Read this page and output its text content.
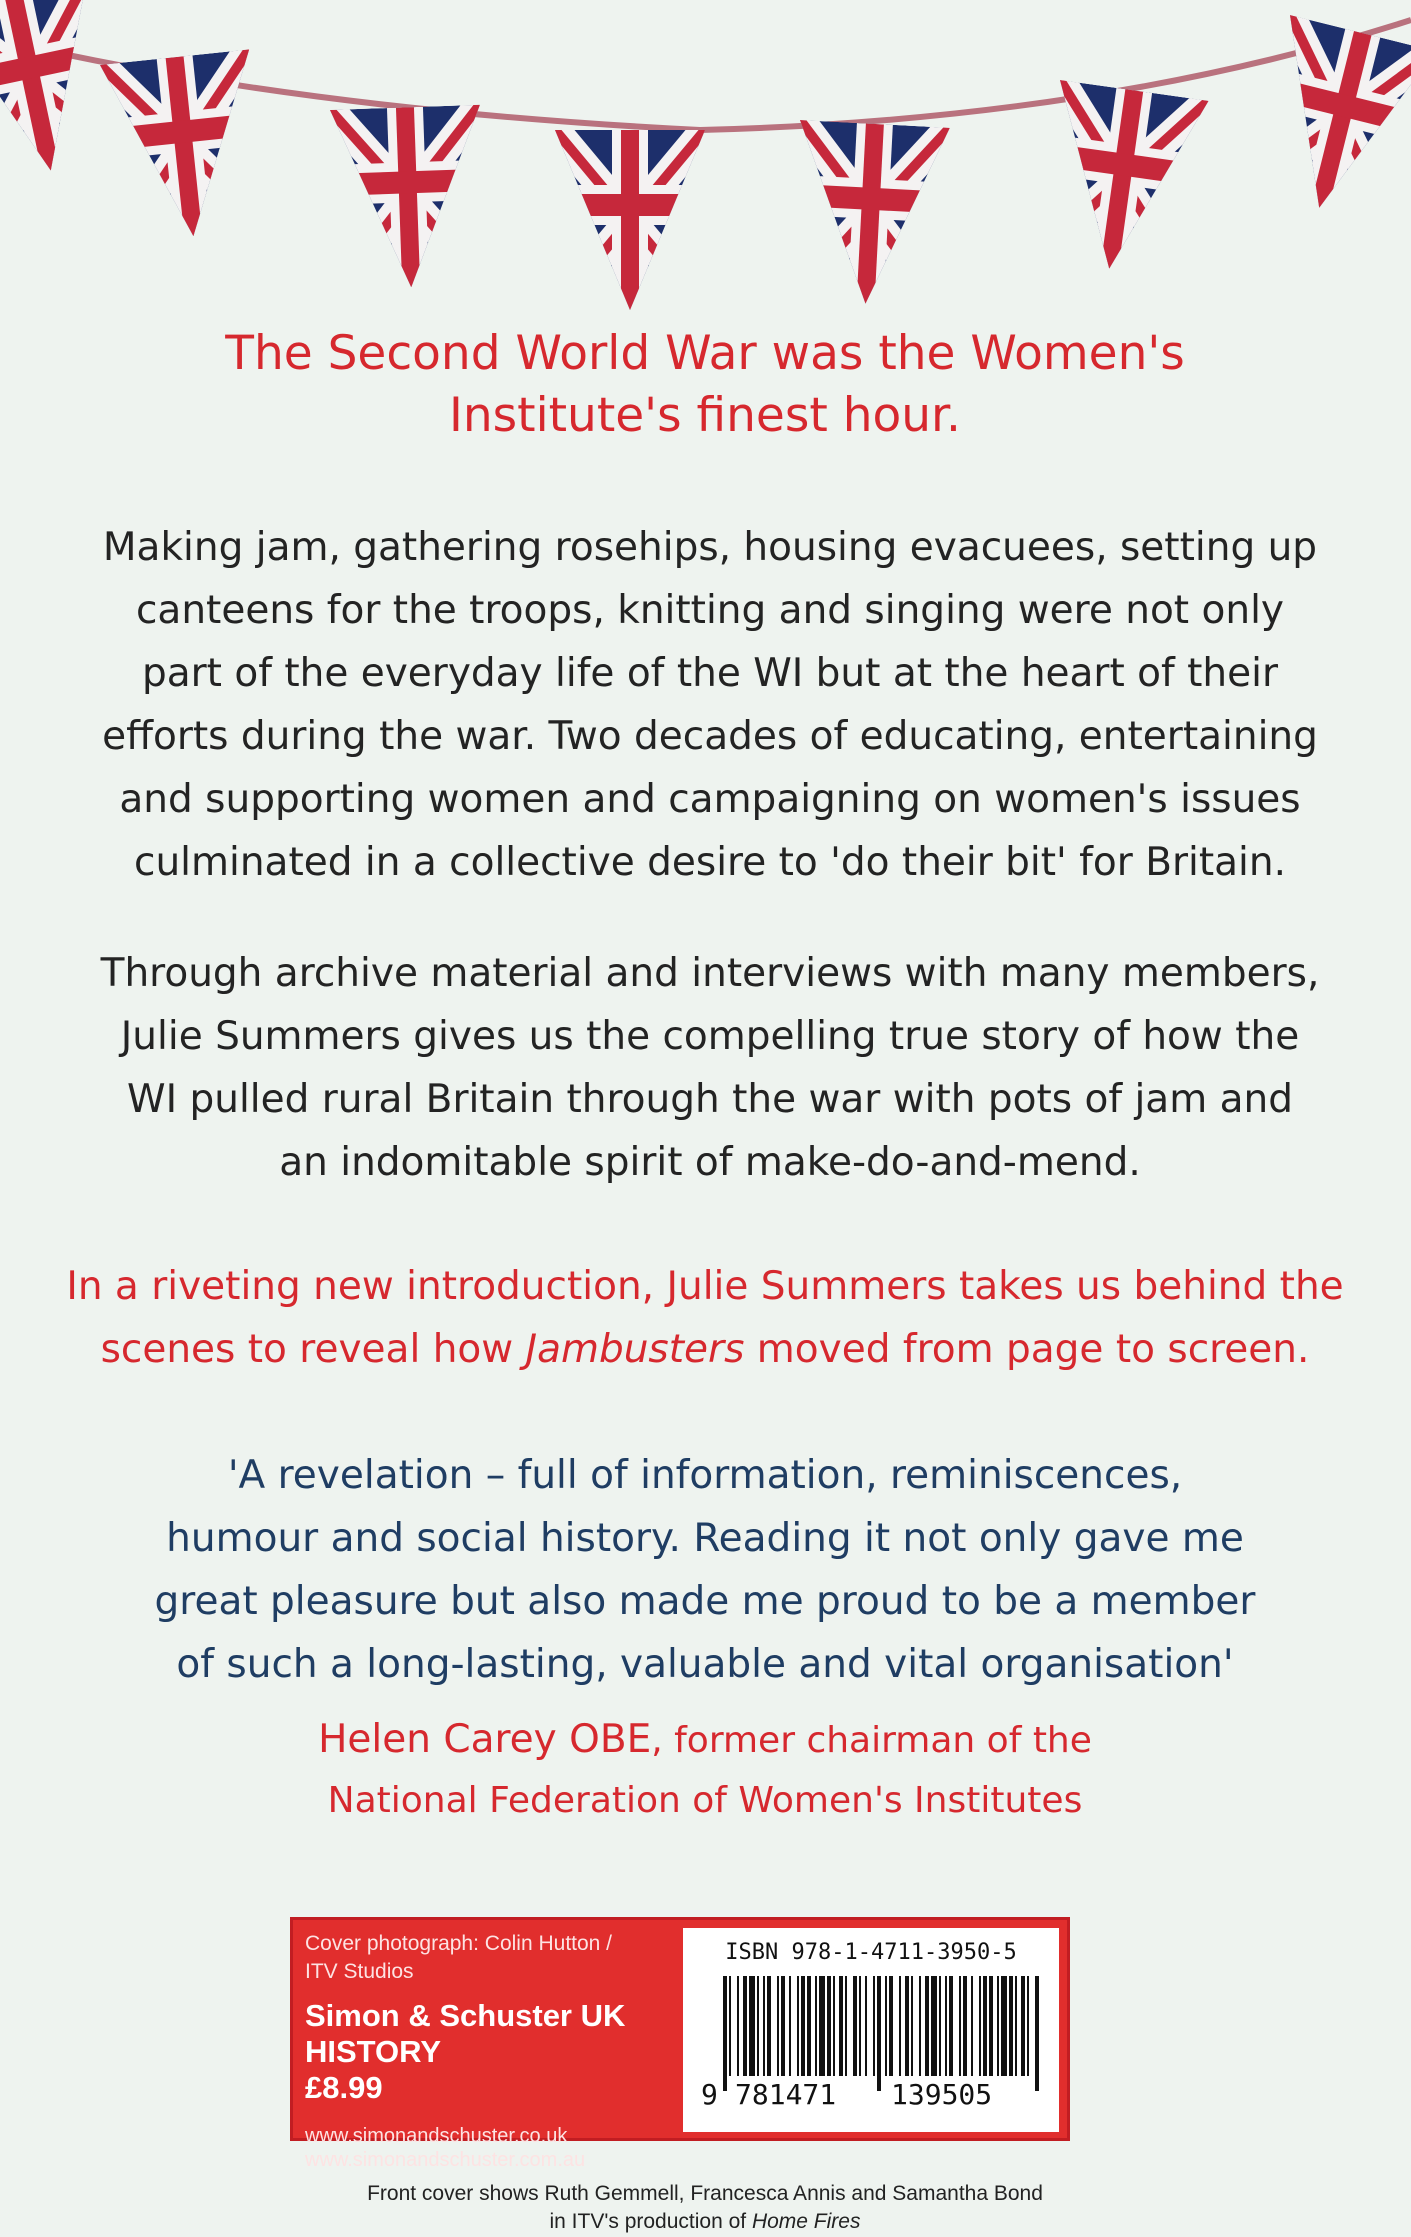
The Second World War was the Women's
Institute's finest hour.
Making jam, gathering rosehips, housing evacuees, setting up
canteens for the troops, knitting and singing were not only
part of the everyday life of the WI but at the heart of their
efforts during the war. Two decades of educating, entertaining
and supporting women and campaigning on women's issues
culminated in a collective desire to 'do their bit' for Britain.
Through archive material and interviews with many members,
Julie Summers gives us the compelling true story of how the
WI pulled rural Britain through the war with pots of jam and
an indomitable spirit of make-do-and-mend.
In a riveting new introduction, Julie Summers takes us behind the
scenes to reveal how Jambusters moved from page to screen.
'A revelation – full of information, reminiscences,
humour and social history. Reading it not only gave me
great pleasure but also made me proud to be a member
of such a long-lasting, valuable and vital organisation'
Helen Carey OBE, former chairman of the
National Federation of Women's Institutes
Cover photograph: Colin Hutton /
ITV Studios
Simon & Schuster UK
HISTORY
£8.99
www.simonandschuster.co.uk
www.simonandschuster.com.au
ISBN 978-1-4711-3950-5
9 781471 139505
Front cover shows Ruth Gemmell, Francesca Annis and Samantha Bond
in ITV's production of Home Fires
